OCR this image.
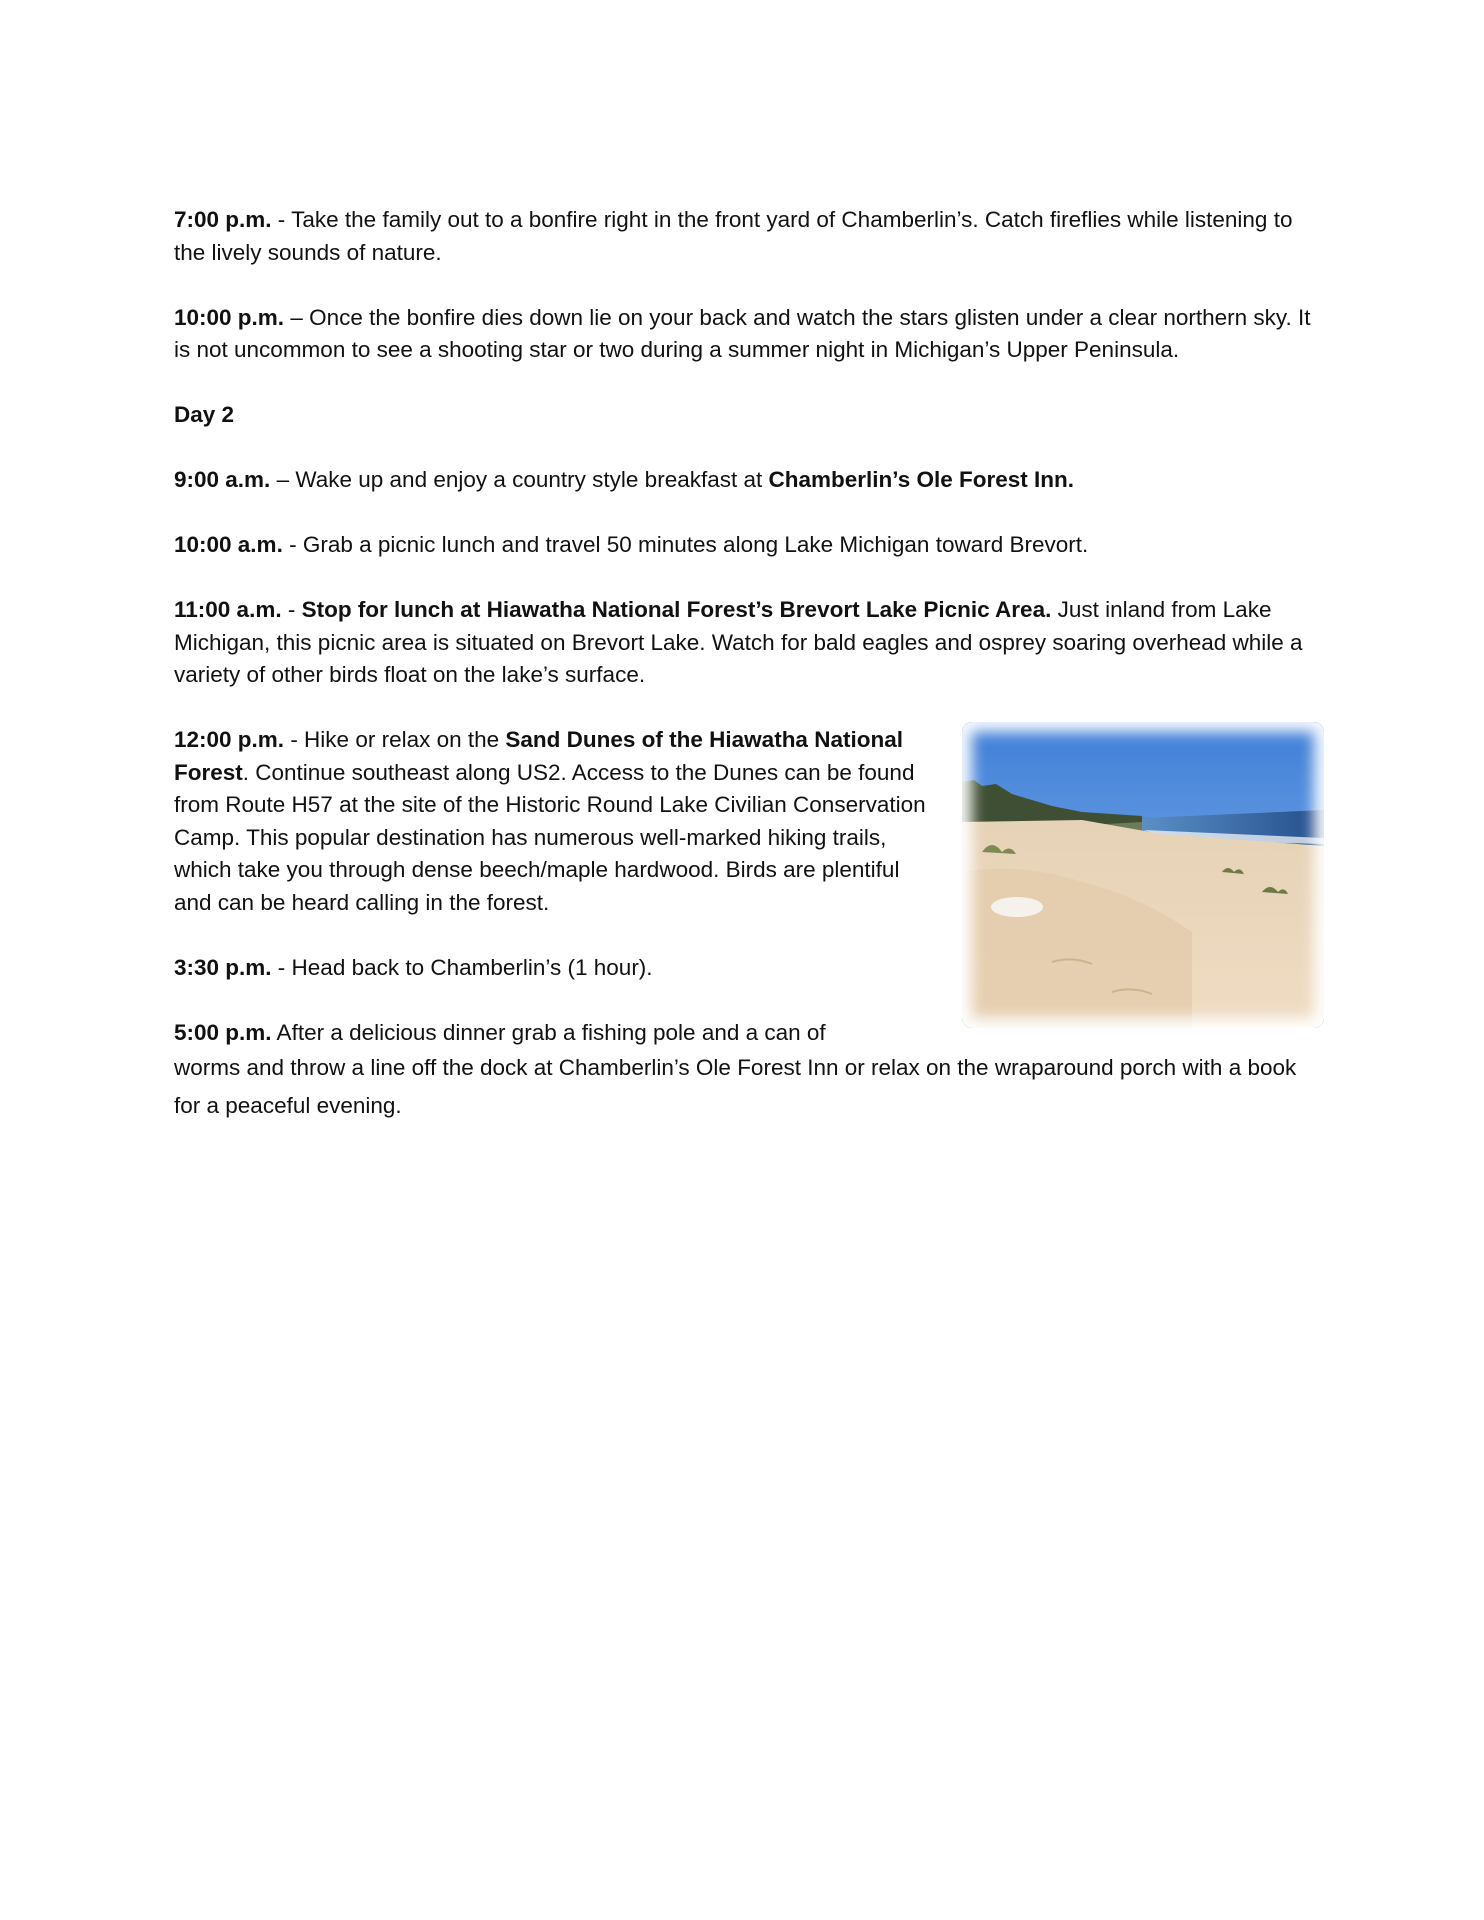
7:00 p.m. - Take the family out to a bonfire right in the front yard of Chamberlin’s. Catch fireflies while listening to the lively sounds of nature.

10:00 p.m. – Once the bonfire dies down lie on your back and watch the stars glisten under a clear northern sky. It is not uncommon to see a shooting star or two during a summer night in Michigan’s Upper Peninsula.

Day 2

9:00 a.m. – Wake up and enjoy a country style breakfast at Chamberlin’s Ole Forest Inn.

10:00 a.m. - Grab a picnic lunch and travel 50 minutes along Lake Michigan toward Brevort.

11:00 a.m. - Stop for lunch at Hiawatha National Forest’s Brevort Lake Picnic Area. Just inland from Lake Michigan, this picnic area is situated on Brevort Lake. Watch for bald eagles and osprey soaring overhead while a variety of other birds float on the lake’s surface.

12:00 p.m. - Hike or relax on the Sand Dunes of the Hiawatha National Forest. Continue southeast along US2. Access to the Dunes can be found from Route H57 at the site of the Historic Round Lake Civilian Conservation Camp. This popular destination has numerous well-marked hiking trails, which take you through dense beech/maple hardwood. Birds are plentiful and can be heard calling in the forest.

3:30 p.m. - Head back to Chamberlin’s (1 hour).

5:00 p.m. After a delicious dinner grab a fishing pole and a can of
worms and throw a line off the dock at Chamberlin’s Ole Forest Inn or relax on the wraparound porch with a book for a peaceful evening.
